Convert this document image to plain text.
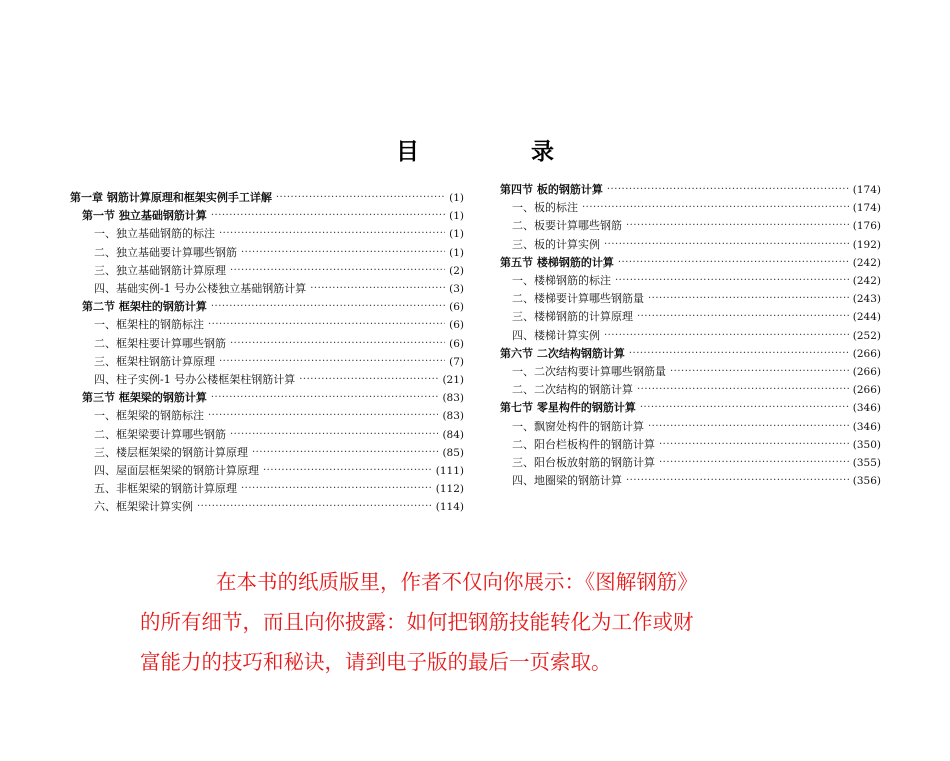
目 录
第一章 钢筋计算原理和框架实例手工详解 ·····	(1)
第一节 独立基础钢筋计算 ·····	(1)
一、独立基础钢筋的标注 ·····	(1)
二、独立基础要计算哪些钢筋 ·····	(1)
三、独立基础钢筋计算原理 ·····	(2)
四、基础实例-1 号办公楼独立基础钢筋计算 ·····	(3)
第二节 框架柱的钢筋计算 ·····	(6)
一、框架柱的钢筋标注 ·····	(6)
二、框架柱要计算哪些钢筋 ·····	(6)
三、框架柱钢筋计算原理 ·····	(7)
四、柱子实例-1 号办公楼框架柱钢筋计算 ·····	(21)
第三节 框架梁的钢筋计算 ·····	(83)
一、框架梁的钢筋标注 ·····	(83)
二、框架梁要计算哪些钢筋 ·····	(84)
三、楼层框架梁的钢筋计算原理 ·····	(85)
四、屋面层框架梁的钢筋计算原理 ·····	(111)
五、非框架梁的钢筋计算原理 ·····	(112)
六、框架梁计算实例 ·····	(114)
第四节 板的钢筋计算 ·····	(174)
一、板的标注 ·····	(174)
二、板要计算哪些钢筋 ·····	(176)
三、板的计算实例 ·····	(192)
第五节 楼梯钢筋的计算 ·····	(242)
一、楼梯钢筋的标注 ·····	(242)
二、楼梯要计算哪些钢筋量 ·····	(243)
三、楼梯钢筋的计算原理 ·····	(244)
四、楼梯计算实例 ·····	(252)
第六节 二次结构钢筋计算 ·····	(266)
一、二次结构要计算哪些钢筋量 ·····	(266)
二、二次结构的钢筋计算 ·····	(266)
第七节 零星构件的钢筋计算 ·····	(346)
一、飘窗处构件的钢筋计算 ·····	(346)
二、阳台栏板构件的钢筋计算 ·····	(350)
三、阳台板放射筋的钢筋计算 ·····	(355)
四、地圈梁的钢筋计算 ·····	(356)
在本书的纸质版里，作者不仅向你展示：《图解钢筋》
的所有细节，而且向你披露：如何把钢筋技能转化为工作或财
富能力的技巧和秘诀，请到电子版的最后一页索取。
